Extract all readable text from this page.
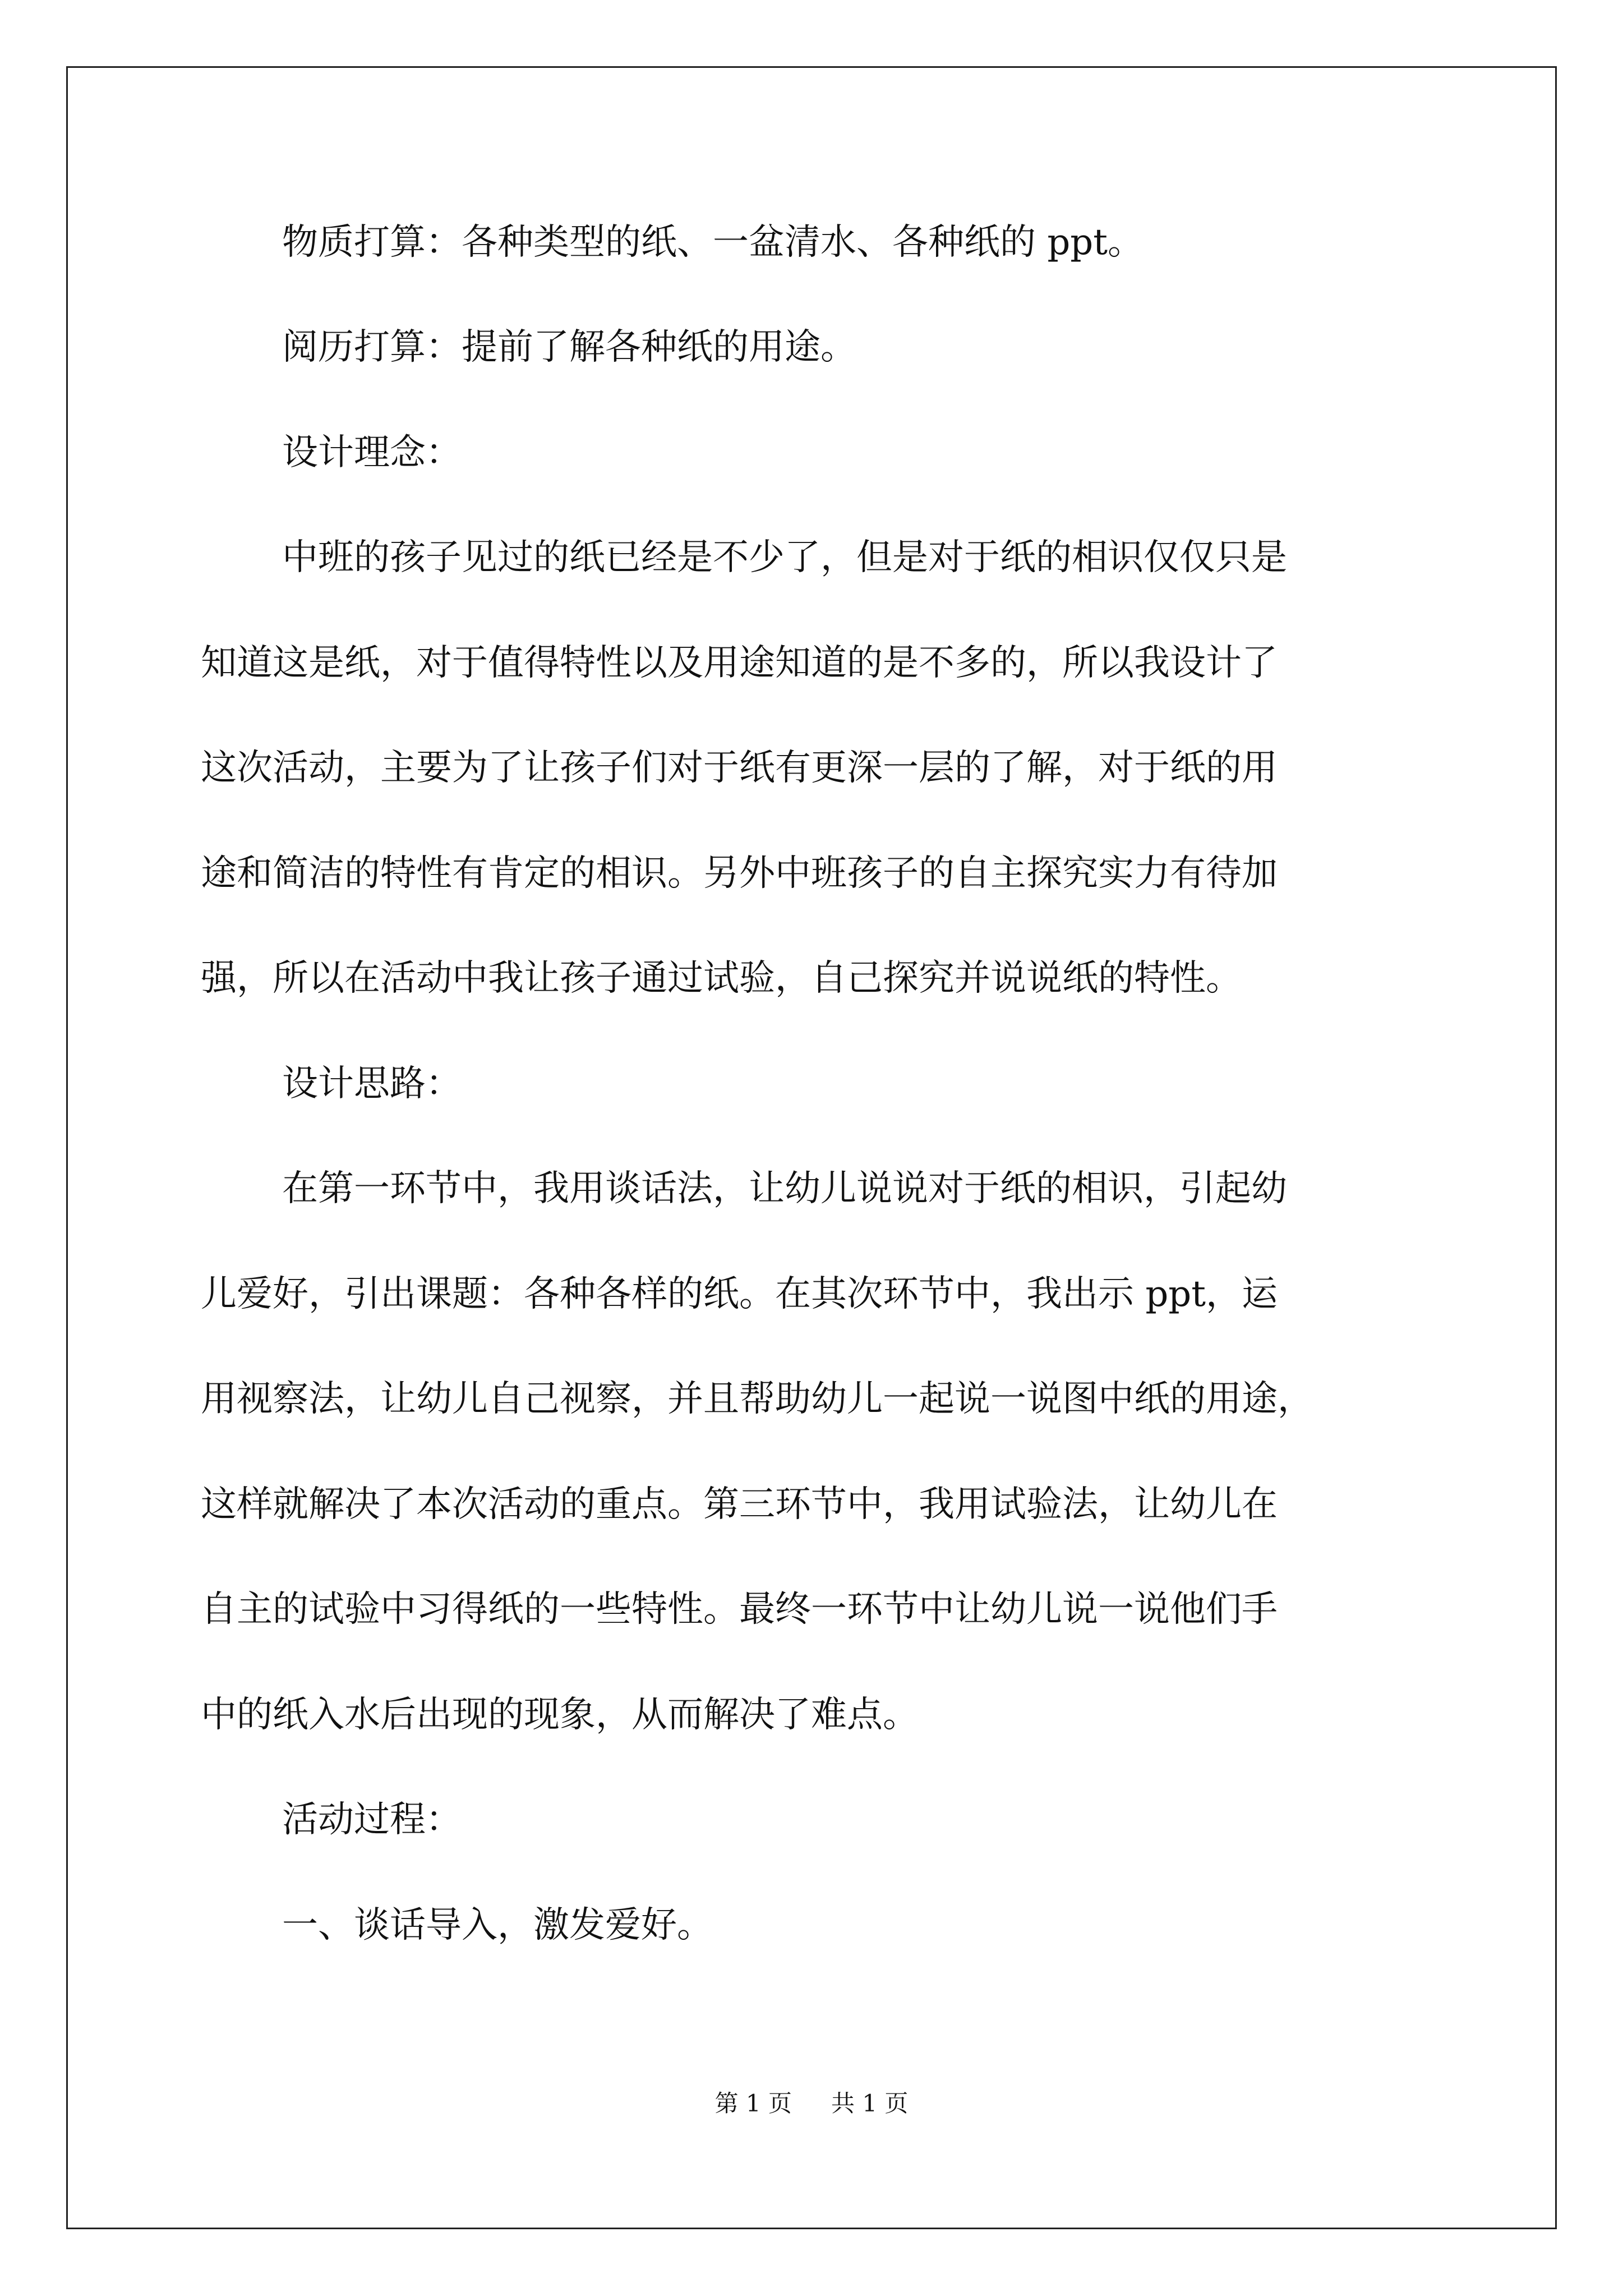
物质打算：各种类型的纸、一盆清水、各种纸的 ppt。

阅历打算：提前了解各种纸的用途。

设计理念：

中班的孩子见过的纸已经是不少了，但是对于纸的相识仅仅只是

知道这是纸，对于值得特性以及用途知道的是不多的，所以我设计了

这次活动，主要为了让孩子们对于纸有更深一层的了解，对于纸的用

途和简洁的特性有肯定的相识。另外中班孩子的自主探究实力有待加

强，所以在活动中我让孩子通过试验，自己探究并说说纸的特性。

设计思路：

在第一环节中，我用谈话法，让幼儿说说对于纸的相识，引起幼

儿爱好，引出课题：各种各样的纸。在其次环节中，我出示 ppt，运

用视察法，让幼儿自己视察，并且帮助幼儿一起说一说图中纸的用途，

这样就解决了本次活动的重点。第三环节中，我用试验法，让幼儿在

自主的试验中习得纸的一些特性。最终一环节中让幼儿说一说他们手

中的纸入水后出现的现象，从而解决了难点。

活动过程：

一、谈话导入，激发爱好。

第 1 页 共 1 页
